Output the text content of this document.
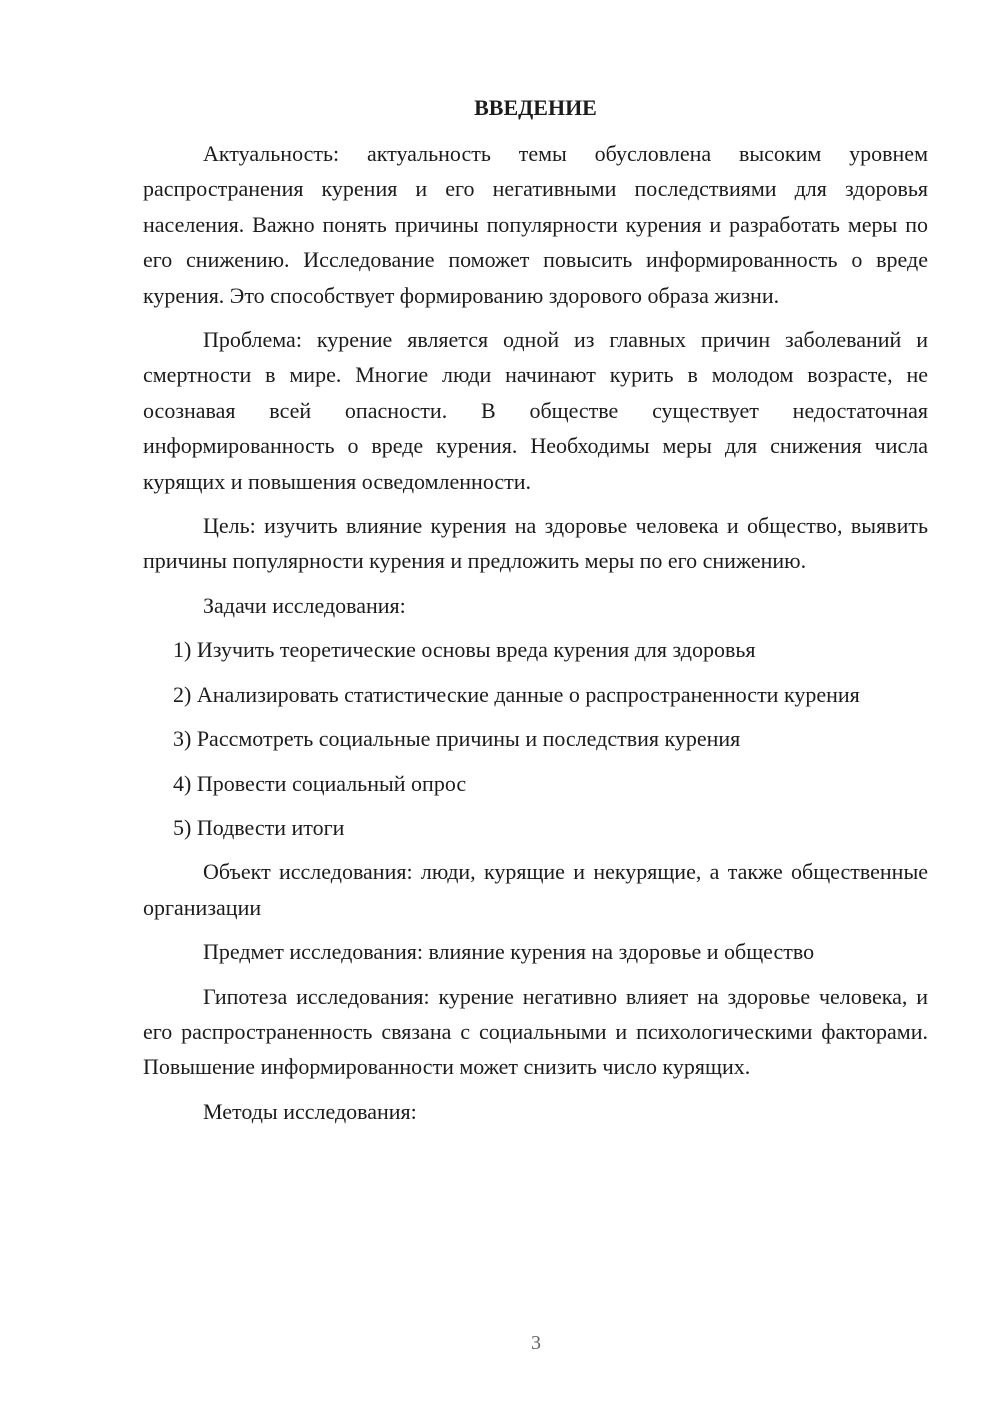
ВВЕДЕНИЕ

Актуальность: актуальность темы обусловлена высоким уровнем распространения курения и его негативными последствиями для здоровья населения. Важно понять причины популярности курения и разработать меры по его снижению. Исследование поможет повысить информированность о вреде курения. Это способствует формированию здорового образа жизни.

Проблема: курение является одной из главных причин заболеваний и смертности в мире. Многие люди начинают курить в молодом возрасте, не осознавая всей опасности. В обществе существует недостаточная информированность о вреде курения. Необходимы меры для снижения числа курящих и повышения осведомленности.

Цель: изучить влияние курения на здоровье человека и общество, выявить причины популярности курения и предложить меры по его снижению.

Задачи исследования:

1) Изучить теоретические основы вреда курения для здоровья

2) Анализировать статистические данные о распространенности курения

3) Рассмотреть социальные причины и последствия курения

4) Провести социальный опрос

5) Подвести итоги

Объект исследования: люди, курящие и некурящие, а также общественные организации

Предмет исследования: влияние курения на здоровье и общество

Гипотеза исследования: курение негативно влияет на здоровье человека, и его распространенность связана с социальными и психологическими факторами. Повышение информированности может снизить число курящих.

Методы исследования:

3
